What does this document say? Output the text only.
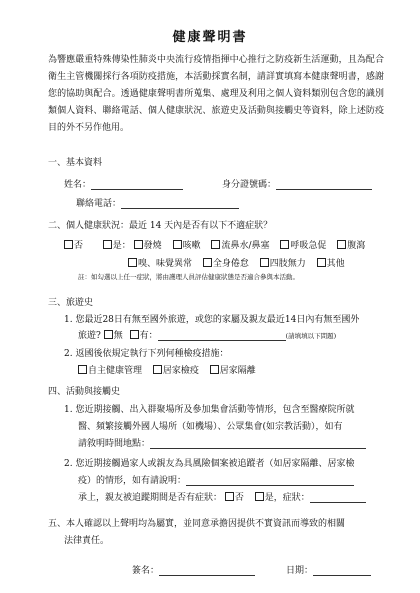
健康聲明書
為響應嚴重特殊傳染性肺炎中央流行疫情指揮中心推行之防疫新生活運動，且為配合衛生主管機關採行各項防疫措施，本活動採實名制，請詳實填寫本健康聲明書，感謝您的協助與配合。透過健康聲明書所蒐集、處理及利用之個人資料類別包含您的識別類個人資料、聯絡電話、個人健康狀況、旅遊史及活動與接觸史等資料，除上述防疫目的外不另作他用。
一、基本資料
姓名：	身分證號碼：
聯絡電話：
二、個人健康狀況：最近 14 天內是否有以下不適症狀？
否	是： 發燒 咳嗽 流鼻水/鼻塞 呼吸急促 腹瀉
嗅、味覺異常 全身倦怠 四肢無力 其他
註：如勾選以上任一症狀，將由護理人員評估健康狀態是否適合參與本活動。
三、旅遊史
1. 您最近28日有無至國外旅遊，或您的家屬及親友最近14日內有無至國外
旅遊? 無 有：	(請填填以下問題)
2. 返國後依規定執行下列何種檢疫措施：
自主健康管理 居家檢疫 居家隔離
四、活動與接觸史
1. 您近期接觸、出入群聚場所及參加集會活動等情形，包含至醫療院所就
醫、頻繁接觸外國人場所（如機場）、公眾集會(如宗教活動），如有
請敘明時間地點：
2. 您近期接觸過家人或親友為具風險個案被追蹤者（如居家隔離、居家檢
疫）的情形，如有請說明：
承上，親友被追蹤期間是否有症狀： 否 是，症狀：
五、本人確認以上聲明均為屬實，並同意承擔因提供不實資訊而導致的相關
法律責任。
簽名：	日期：
